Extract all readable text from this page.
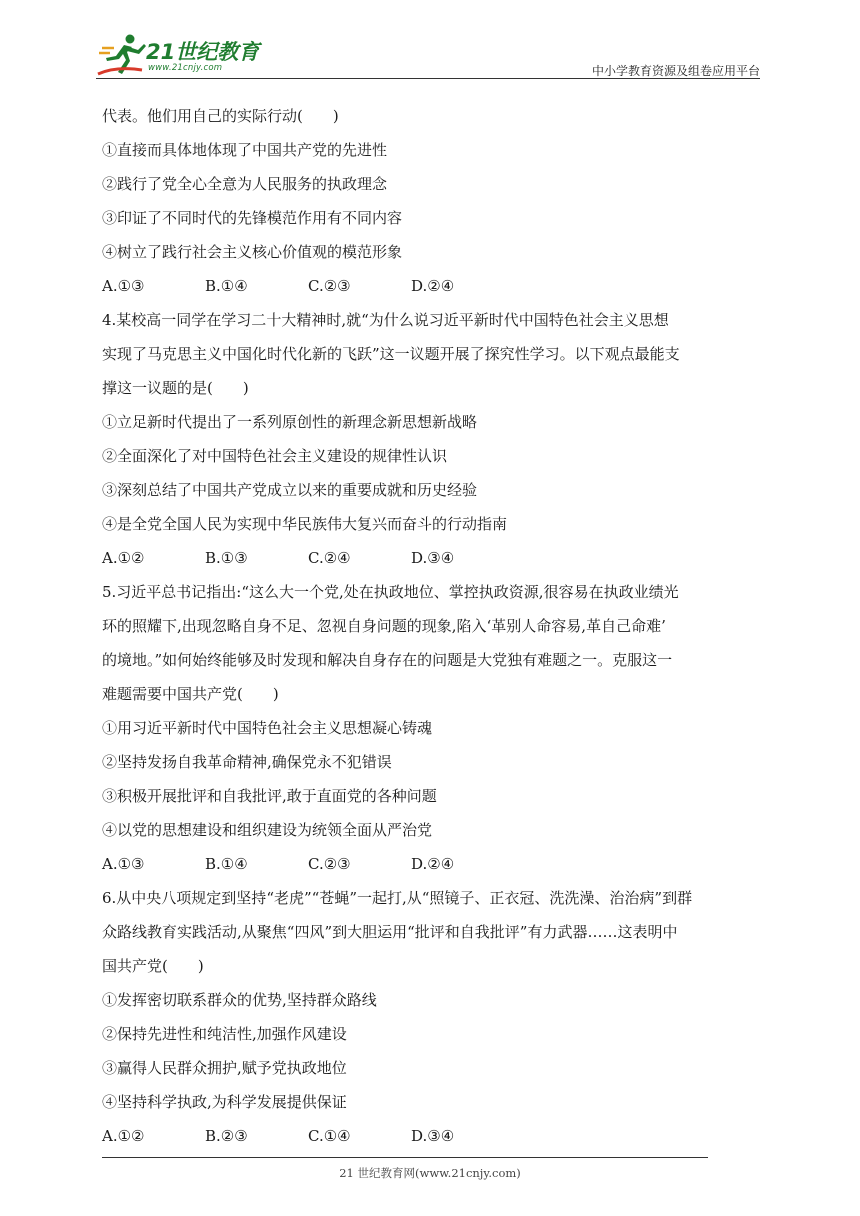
21世纪教育
www.21cnjy.com	中小学教育资源及组卷应用平台
代表。他们用自己的实际行动(　　)
①直接而具体地体现了中国共产党的先进性
②践行了党全心全意为人民服务的执政理念
③印证了不同时代的先锋模范作用有不同内容
④树立了践行社会主义核心价值观的模范形象
A.①③	B.①④	C.②③	D.②④
4.某校高一同学在学习二十大精神时,就“为什么说习近平新时代中国特色社会主义思想
实现了马克思主义中国化时代化新的飞跃”这一议题开展了探究性学习。以下观点最能支
撑这一议题的是(　　)
①立足新时代提出了一系列原创性的新理念新思想新战略
②全面深化了对中国特色社会主义建设的规律性认识
③深刻总结了中国共产党成立以来的重要成就和历史经验
④是全党全国人民为实现中华民族伟大复兴而奋斗的行动指南
A.①②	B.①③	C.②④	D.③④
5.习近平总书记指出:“这么大一个党,处在执政地位、掌控执政资源,很容易在执政业绩光
环的照耀下,出现忽略自身不足、忽视自身问题的现象,陷入‘革别人命容易,革自己命难’
的境地。”如何始终能够及时发现和解决自身存在的问题是大党独有难题之一。克服这一
难题需要中国共产党(　　)
①用习近平新时代中国特色社会主义思想凝心铸魂
②坚持发扬自我革命精神,确保党永不犯错误
③积极开展批评和自我批评,敢于直面党的各种问题
④以党的思想建设和组织建设为统领全面从严治党
A.①③	B.①④	C.②③	D.②④
6.从中央八项规定到坚持“老虎”“苍蝇”一起打,从“照镜子、正衣冠、洗洗澡、治治病”到群
众路线教育实践活动,从聚焦“四风”到大胆运用“批评和自我批评”有力武器……这表明中
国共产党(　　)
①发挥密切联系群众的优势,坚持群众路线
②保持先进性和纯洁性,加强作风建设
③赢得人民群众拥护,赋予党执政地位
④坚持科学执政,为科学发展提供保证
A.①②	B.②③	C.①④	D.③④
21 世纪教育网(www.21cnjy.com)
